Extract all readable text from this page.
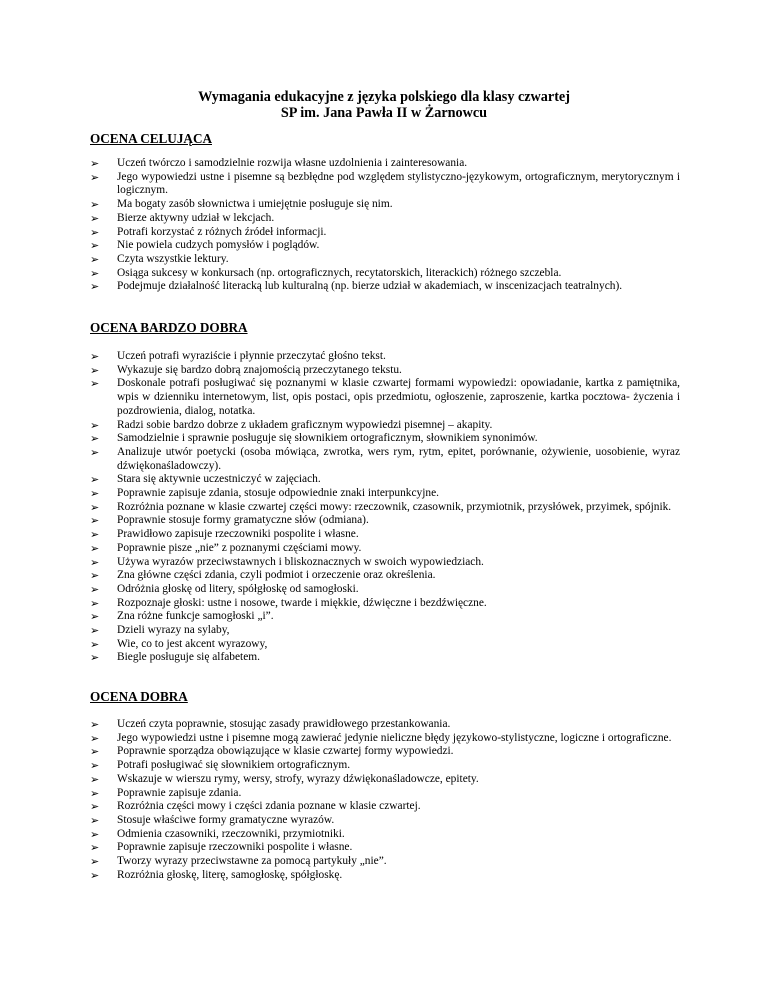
Wymagania edukacyjne z języka polskiego dla klasy czwartej
SP im. Jana Pawła II w Żarnowcu
OCENA CELUJĄCA
➢ Uczeń twórczo i samodzielnie rozwija własne uzdolnienia i zainteresowania.
➢ Jego wypowiedzi ustne i pisemne są bezbłędne pod względem stylistyczno-językowym, ortograficznym, merytorycznym i logicznym.
➢ Ma bogaty zasób słownictwa i umiejętnie posługuje się nim.
➢ Bierze aktywny udział w lekcjach.
➢ Potrafi korzystać z różnych źródeł informacji.
➢ Nie powiela cudzych pomysłów i poglądów.
➢ Czyta wszystkie lektury.
➢ Osiąga sukcesy w konkursach (np. ortograficznych, recytatorskich, literackich) różnego szczebla.
➢ Podejmuje działalność literacką lub kulturalną (np. bierze udział w akademiach, w inscenizacjach teatralnych).
OCENA BARDZO DOBRA
➢ Uczeń potrafi wyraziście i płynnie przeczytać głośno tekst.
➢ Wykazuje się bardzo dobrą znajomością przeczytanego tekstu.
➢ Doskonale potrafi posługiwać się poznanymi w klasie czwartej formami wypowiedzi: opowiadanie, kartka z pamiętnika, wpis w dzienniku internetowym, list, opis postaci, opis przedmiotu, ogłoszenie, zaproszenie, kartka pocztowa- życzenia i pozdrowienia, dialog, notatka.
➢ Radzi sobie bardzo dobrze z układem graficznym wypowiedzi pisemnej – akapity.
➢ Samodzielnie i sprawnie posługuje się słownikiem ortograficznym, słownikiem synonimów.
➢ Analizuje utwór poetycki (osoba mówiąca, zwrotka, wers rym, rytm, epitet, porównanie, ożywienie, uosobienie, wyraz dźwiękonaśladowczy).
➢ Stara się aktywnie uczestniczyć w zajęciach.
➢ Poprawnie zapisuje zdania, stosuje odpowiednie znaki interpunkcyjne.
➢ Rozróżnia poznane w klasie czwartej części mowy: rzeczownik, czasownik, przymiotnik, przysłówek, przyimek, spójnik.
➢ Poprawnie stosuje formy gramatyczne słów (odmiana).
➢ Prawidłowo zapisuje rzeczowniki pospolite i własne.
➢ Poprawnie pisze „nie” z poznanymi częściami mowy.
➢ Używa wyrazów przeciwstawnych i bliskoznacznych w swoich wypowiedziach.
➢ Zna główne części zdania, czyli podmiot i orzeczenie oraz określenia.
➢ Odróżnia głoskę od litery, spółgłoskę od samogłoski.
➢ Rozpoznaje głoski: ustne i nosowe, twarde i miękkie, dźwięczne i bezdźwięczne.
➢ Zna różne funkcje samogłoski „i”.
➢ Dzieli wyrazy na sylaby,
➢ Wie, co to jest akcent wyrazowy,
➢ Biegle posługuje się alfabetem.
OCENA DOBRA
➢ Uczeń czyta poprawnie, stosując zasady prawidłowego przestankowania.
➢ Jego wypowiedzi ustne i pisemne mogą zawierać jedynie nieliczne błędy językowo-stylistyczne, logiczne i ortograficzne.
➢ Poprawnie sporządza obowiązujące w klasie czwartej formy wypowiedzi.
➢ Potrafi posługiwać się słownikiem ortograficznym.
➢ Wskazuje w wierszu rymy, wersy, strofy, wyrazy dźwiękonaśladowcze, epitety.
➢ Poprawnie zapisuje zdania.
➢ Rozróżnia części mowy i części zdania poznane w klasie czwartej.
➢ Stosuje właściwe formy gramatyczne wyrazów.
➢ Odmienia czasowniki, rzeczowniki, przymiotniki.
➢ Poprawnie zapisuje rzeczowniki pospolite i własne.
➢ Tworzy wyrazy przeciwstawne za pomocą partykuły „nie”.
➢ Rozróżnia głoskę, literę, samogłoskę, spółgłoskę.
